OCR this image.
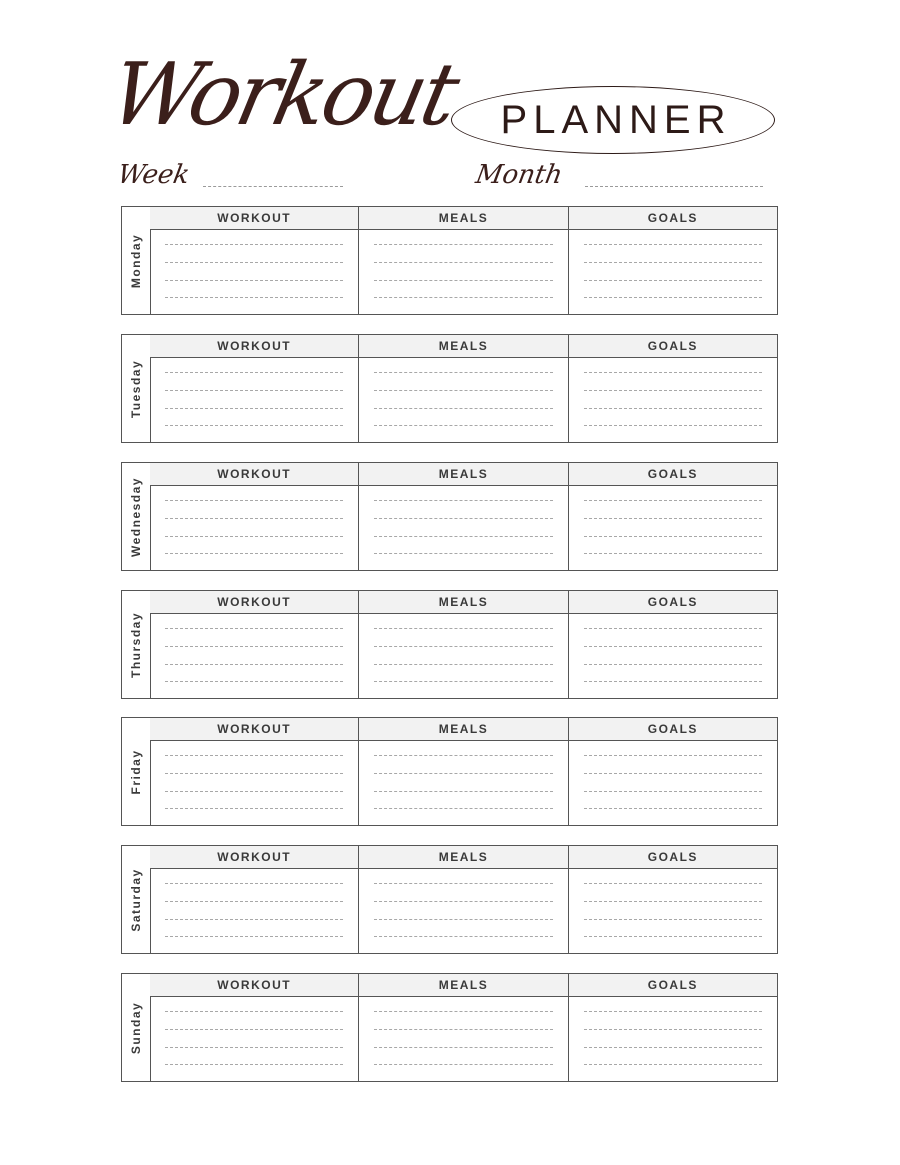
Workout PLANNER
Week	Month
Monday
WORKOUT	MEALS	GOALS
Tuesday
WORKOUT	MEALS	GOALS
Wednesday
WORKOUT	MEALS	GOALS
Thursday
WORKOUT	MEALS	GOALS
Friday
WORKOUT	MEALS	GOALS
Saturday
WORKOUT	MEALS	GOALS
Sunday
WORKOUT	MEALS	GOALS
